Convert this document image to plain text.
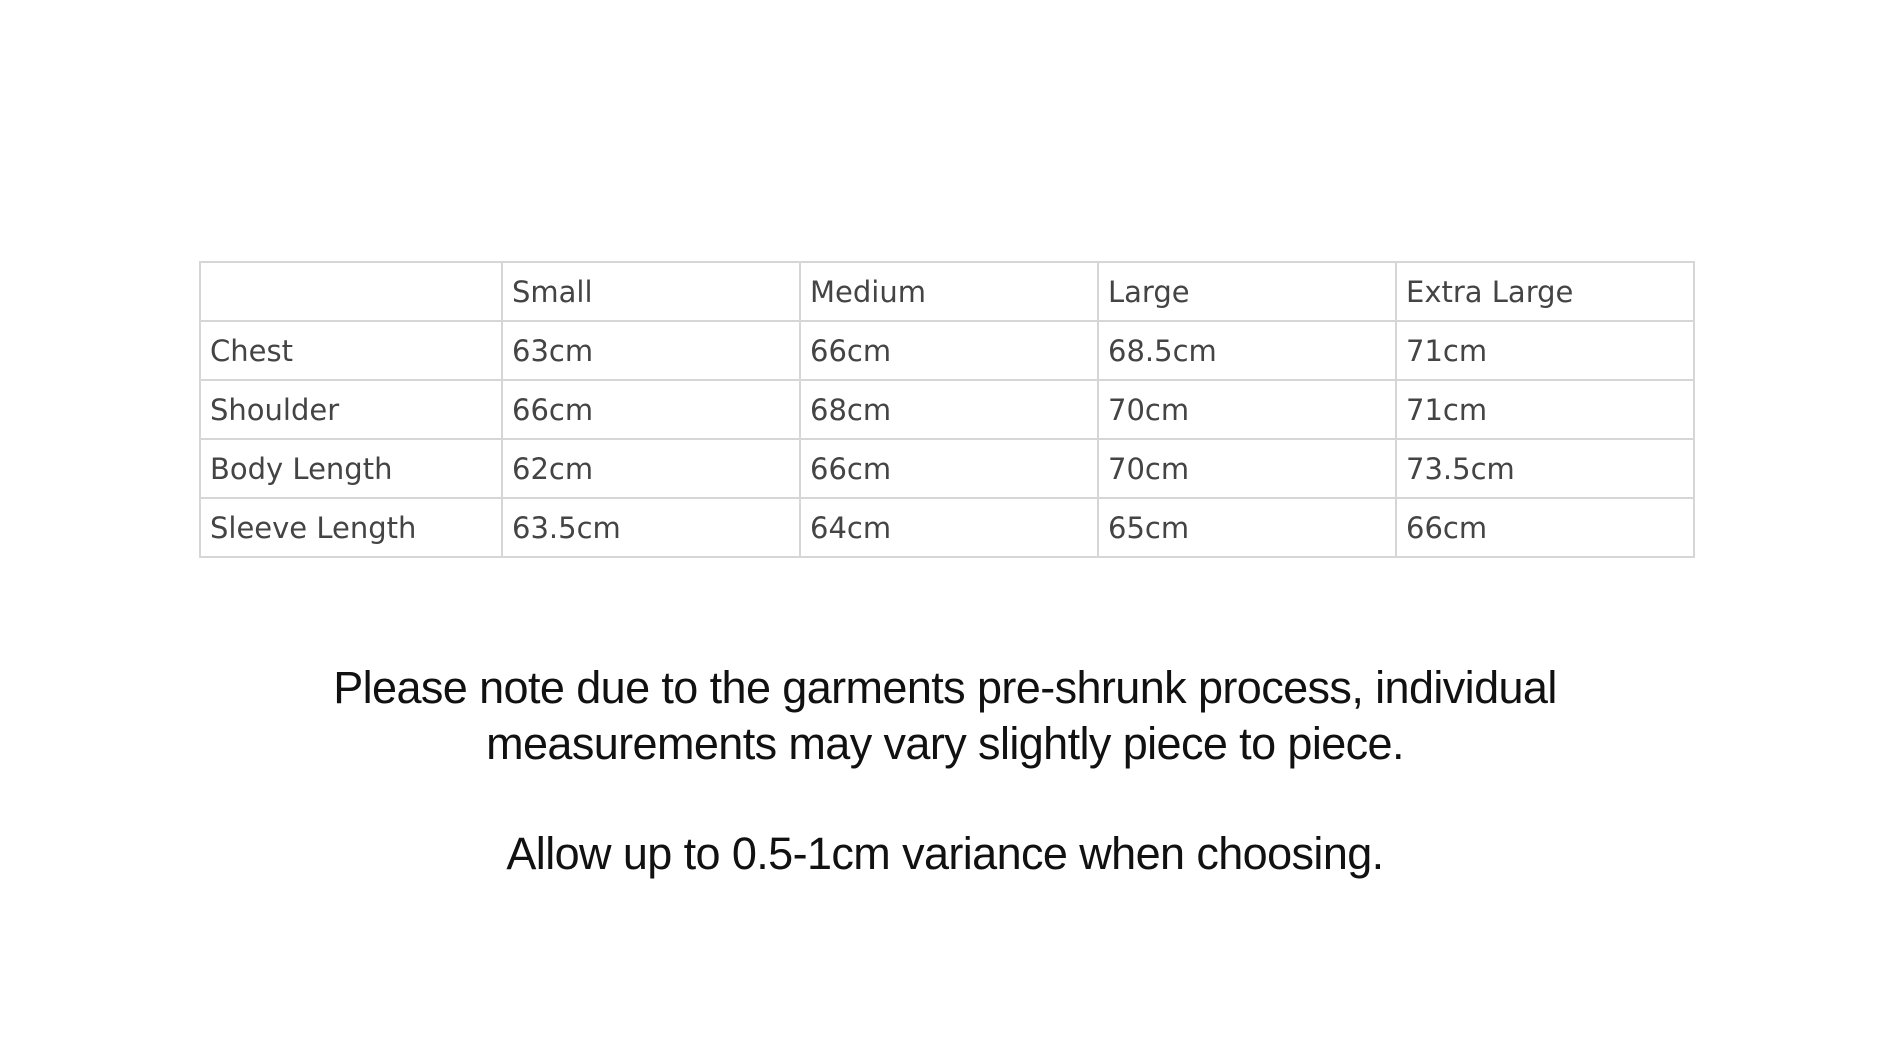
	Small	Medium	Large	Extra Large
Chest	63cm	66cm	68.5cm	71cm
Shoulder	66cm	68cm	70cm	71cm
Body Length	62cm	66cm	70cm	73.5cm
Sleeve Length	63.5cm	64cm	65cm	66cm

Please note due to the garments pre-shrunk process, individual

measurements may vary slightly piece to piece.

Allow up to 0.5-1cm variance when choosing.
